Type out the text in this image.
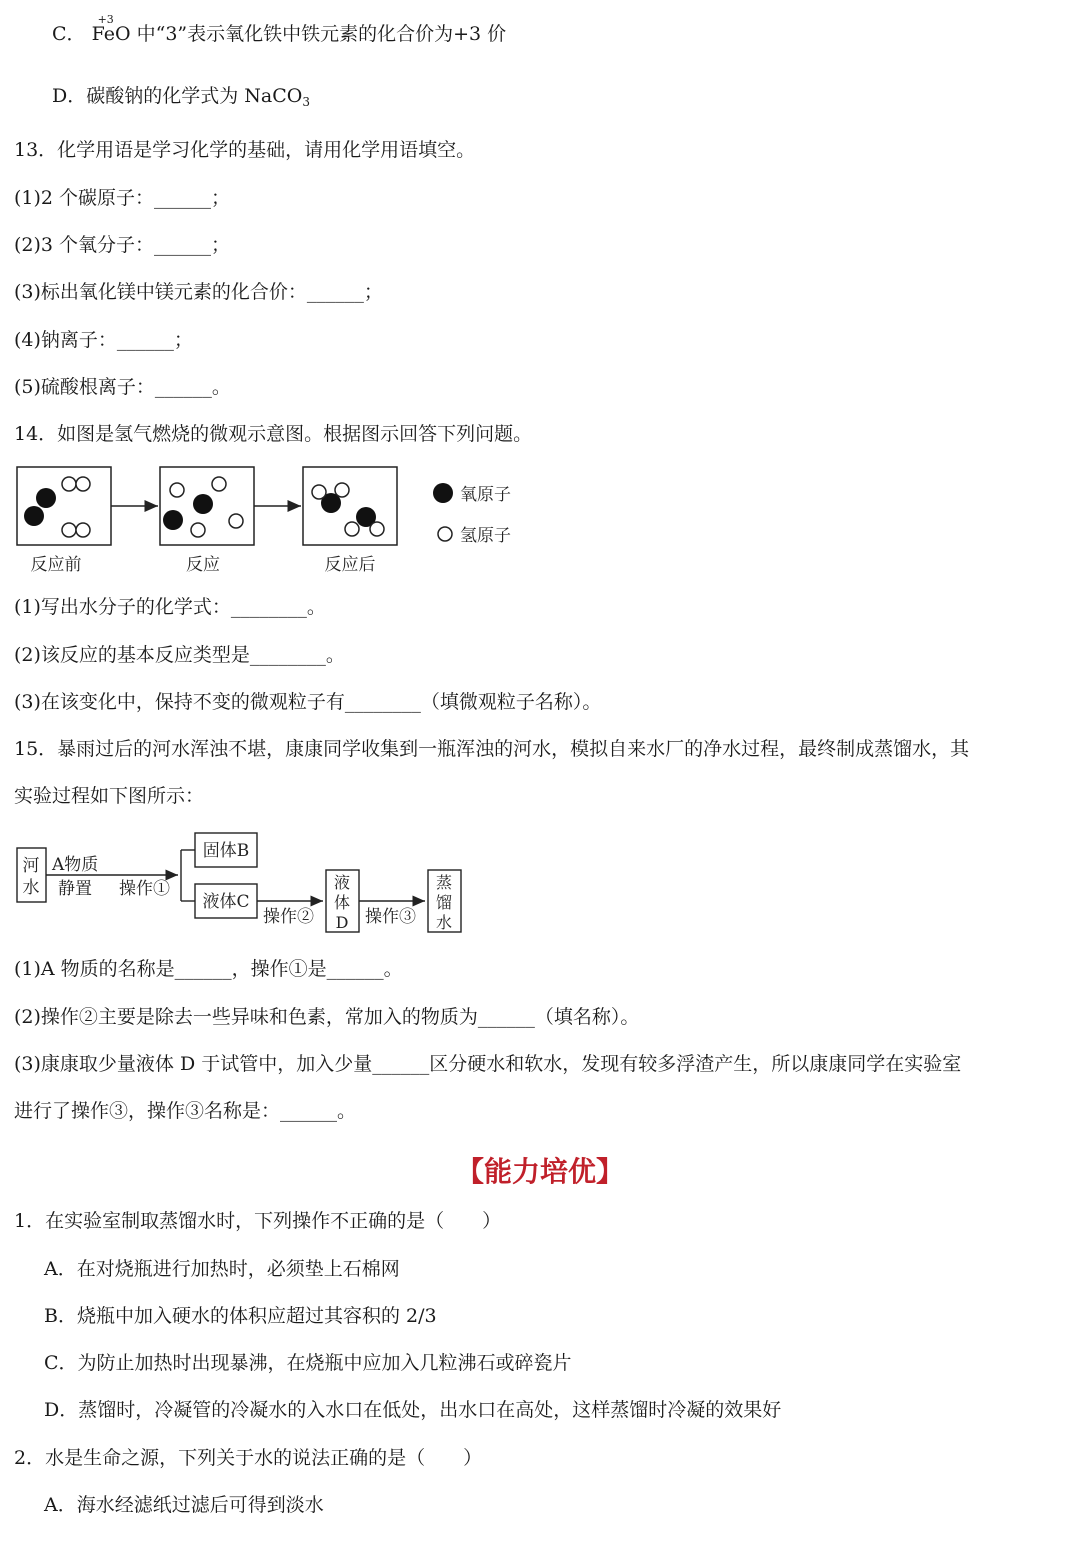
C．
+3
FeO 中“3”表示氧化铁中铁元素的化合价为+3 价
D．碳酸钠的化学式为 NaCO$_3$
13．化学用语是学习化学的基础，请用化学用语填空。
(1)2 个碳原子：______；
(2)3 个氧分子：______；
(3)标出氧化镁中镁元素的化合价：______；
(4)钠离子：______；
(5)硫酸根离子：______。
14．如图是氢气燃烧的微观示意图。根据图示回答下列问题。
反应前	反应	反应后
氧原子
氢原子
(1)写出水分子的化学式：________。
(2)该反应的基本反应类型是________。
(3)在该变化中，保持不变的微观粒子有________（填微观粒子名称）。
15．暴雨过后的河水浑浊不堪，康康同学收集到一瓶浑浊的河水，模拟自来水厂的净水过程，最终制成蒸馏水，其
实验过程如下图所示：
河
水
A物质
静置 操作①
固体B
液体C
操作②
液
体
D 操作③
蒸
馏
水
(1)A 物质的名称是______，操作①是______。
(2)操作②主要是除去一些异味和色素，常加入的物质为______（填名称）。
(3)康康取少量液体 D 于试管中，加入少量______区分硬水和软水，发现有较多浮渣产生，所以康康同学在实验室
进行了操作③，操作③名称是：______。
【能力培优】
1．在实验室制取蒸馏水时，下列操作不正确的是（　　）
A．在对烧瓶进行加热时，必须垫上石棉网
B．烧瓶中加入硬水的体积应超过其容积的 2/3
C．为防止加热时出现暴沸，在烧瓶中应加入几粒沸石或碎瓷片
D．蒸馏时，冷凝管的冷凝水的入水口在低处，出水口在高处，这样蒸馏时冷凝的效果好
2．水是生命之源，下列关于水的说法正确的是（　　）
A．海水经滤纸过滤后可得到淡水
